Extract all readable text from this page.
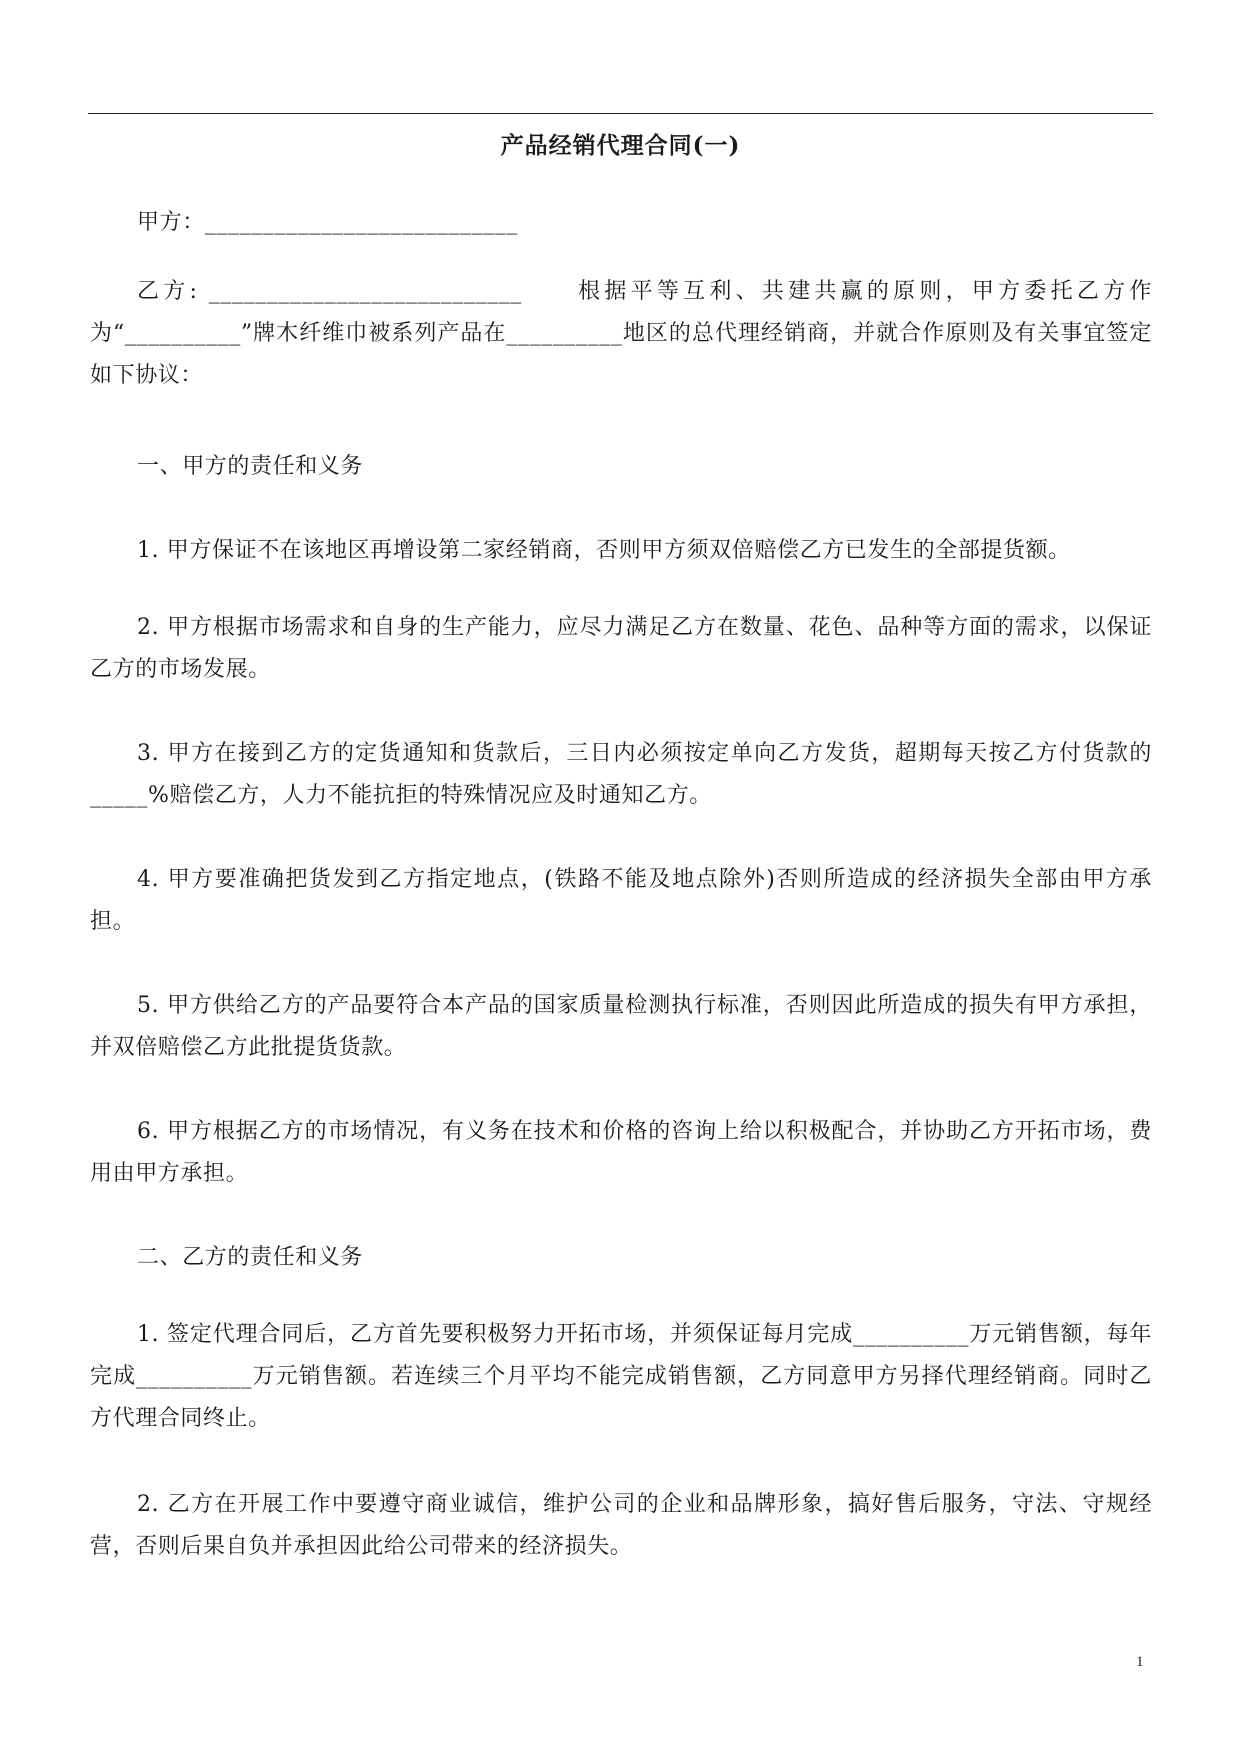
产品经销代理合同(一)

甲方：___________________________

乙方: ___________________________　　根据平等互利、共建共赢的原则，甲方委托乙方作为“__________”牌木纤维巾被系列产品在__________地区的总代理经销商，并就合作原则及有关事宜签定如下协议：

一、甲方的责任和义务

1. 甲方保证不在该地区再增设第二家经销商，否则甲方须双倍赔偿乙方已发生的全部提货额。

2. 甲方根据市场需求和自身的生产能力，应尽力满足乙方在数量、花色、品种等方面的需求，以保证乙方的市场发展。

3. 甲方在接到乙方的定货通知和货款后，三日内必须按定单向乙方发货，超期每天按乙方付货款的_____%赔偿乙方，人力不能抗拒的特殊情况应及时通知乙方。

4. 甲方要准确把货发到乙方指定地点，(铁路不能及地点除外)否则所造成的经济损失全部由甲方承担。

5. 甲方供给乙方的产品要符合本产品的国家质量检测执行标准，否则因此所造成的损失有甲方承担，并双倍赔偿乙方此批提货货款。

6. 甲方根据乙方的市场情况，有义务在技术和价格的咨询上给以积极配合，并协助乙方开拓市场，费用由甲方承担。

二、乙方的责任和义务

1. 签定代理合同后，乙方首先要积极努力开拓市场，并须保证每月完成__________万元销售额，每年完成__________万元销售额。若连续三个月平均不能完成销售额，乙方同意甲方另择代理经销商。同时乙方代理合同终止。

2. 乙方在开展工作中要遵守商业诚信，维护公司的企业和品牌形象，搞好售后服务，守法、守规经营，否则后果自负并承担因此给公司带来的经济损失。

1
